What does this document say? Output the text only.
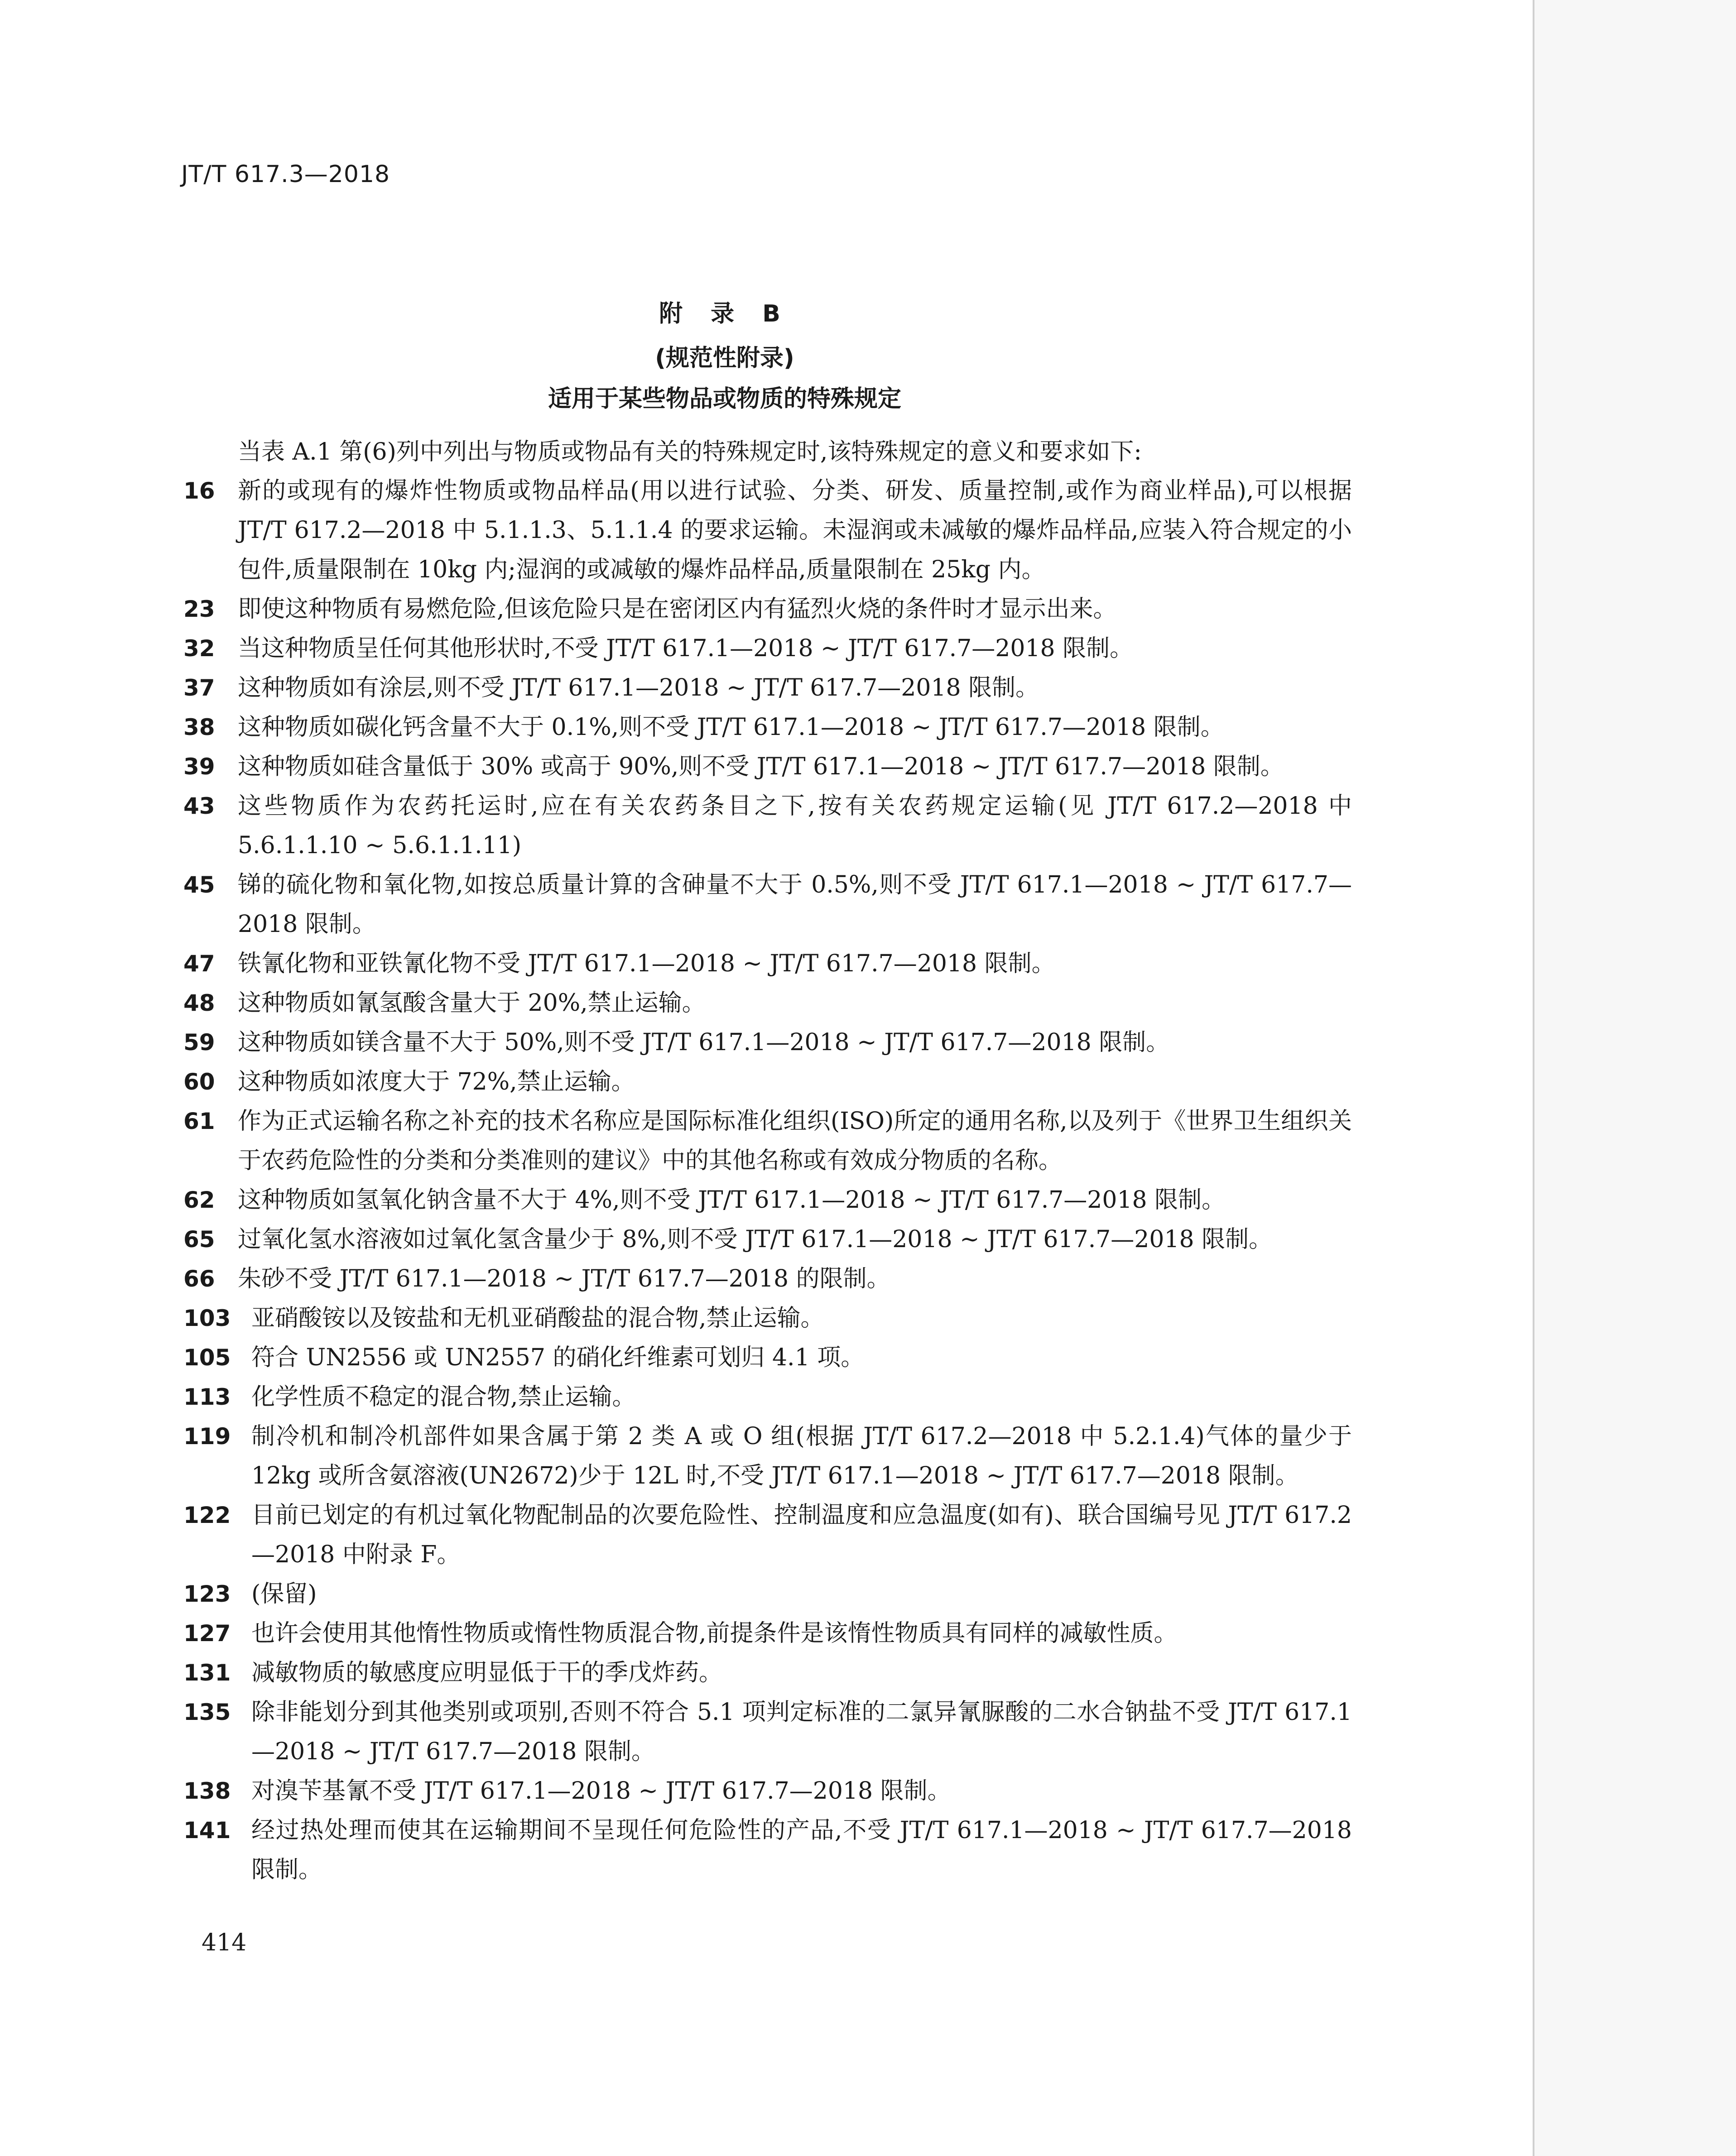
JT/T 617.3—2018
附 录 B
(规范性附录)
适用于某些物品或物质的特殊规定
当表 A.1 第(6)列中列出与物质或物品有关的特殊规定时,该特殊规定的意义和要求如下:
16 新的或现有的爆炸性物质或物品样品(用以进行试验、分类、研发、质量控制,或作为商业样品),可以根据 JT/T 617.2—2018 中 5.1.1.3、5.1.1.4 的要求运输。未湿润或未减敏的爆炸品样品,应装入符合规定的小包件,质量限制在 10kg 内;湿润的或减敏的爆炸品样品,质量限制在 25kg 内。
23 即使这种物质有易燃危险,但该危险只是在密闭区内有猛烈火烧的条件时才显示出来。
32 当这种物质呈任何其他形状时,不受 JT/T 617.1—2018 ~ JT/T 617.7—2018 限制。
37 这种物质如有涂层,则不受 JT/T 617.1—2018 ~ JT/T 617.7—2018 限制。
38 这种物质如碳化钙含量不大于 0.1%,则不受 JT/T 617.1—2018 ~ JT/T 617.7—2018 限制。
39 这种物质如硅含量低于 30% 或高于 90%,则不受 JT/T 617.1—2018 ~ JT/T 617.7—2018 限制。
43 这些物质作为农药托运时,应在有关农药条目之下,按有关农药规定运输(见 JT/T 617.2—2018 中 5.6.1.1.10 ~ 5.6.1.1.11)
45 锑的硫化物和氧化物,如按总质量计算的含砷量不大于 0.5%,则不受 JT/T 617.1—2018 ~ JT/T 617.7—2018 限制。
47 铁氰化物和亚铁氰化物不受 JT/T 617.1—2018 ~ JT/T 617.7—2018 限制。
48 这种物质如氰氢酸含量大于 20%,禁止运输。
59 这种物质如镁含量不大于 50%,则不受 JT/T 617.1—2018 ~ JT/T 617.7—2018 限制。
60 这种物质如浓度大于 72%,禁止运输。
61 作为正式运输名称之补充的技术名称应是国际标准化组织(ISO)所定的通用名称,以及列于《世界卫生组织关于农药危险性的分类和分类准则的建议》中的其他名称或有效成分物质的名称。
62 这种物质如氢氧化钠含量不大于 4%,则不受 JT/T 617.1—2018 ~ JT/T 617.7—2018 限制。
65 过氧化氢水溶液如过氧化氢含量少于 8%,则不受 JT/T 617.1—2018 ~ JT/T 617.7—2018 限制。
66 朱砂不受 JT/T 617.1—2018 ~ JT/T 617.7—2018 的限制。
103 亚硝酸铵以及铵盐和无机亚硝酸盐的混合物,禁止运输。
105 符合 UN2556 或 UN2557 的硝化纤维素可划归 4.1 项。
113 化学性质不稳定的混合物,禁止运输。
119 制冷机和制冷机部件如果含属于第 2 类 A 或 O 组(根据 JT/T 617.2—2018 中 5.2.1.4)气体的量少于 12kg 或所含氨溶液(UN2672)少于 12L 时,不受 JT/T 617.1—2018 ~ JT/T 617.7—2018 限制。
122 目前已划定的有机过氧化物配制品的次要危险性、控制温度和应急温度(如有)、联合国编号见 JT/T 617.2—2018 中附录 F。
123 (保留)
127 也许会使用其他惰性物质或惰性物质混合物,前提条件是该惰性物质具有同样的减敏性质。
131 减敏物质的敏感度应明显低于干的季戊炸药。
135 除非能划分到其他类别或项别,否则不符合 5.1 项判定标准的二氯异氰脲酸的二水合钠盐不受 JT/T 617.1—2018 ~ JT/T 617.7—2018 限制。
138 对溴苄基氰不受 JT/T 617.1—2018 ~ JT/T 617.7—2018 限制。
141 经过热处理而使其在运输期间不呈现任何危险性的产品,不受 JT/T 617.1—2018 ~ JT/T 617.7—2018 限制。
414
